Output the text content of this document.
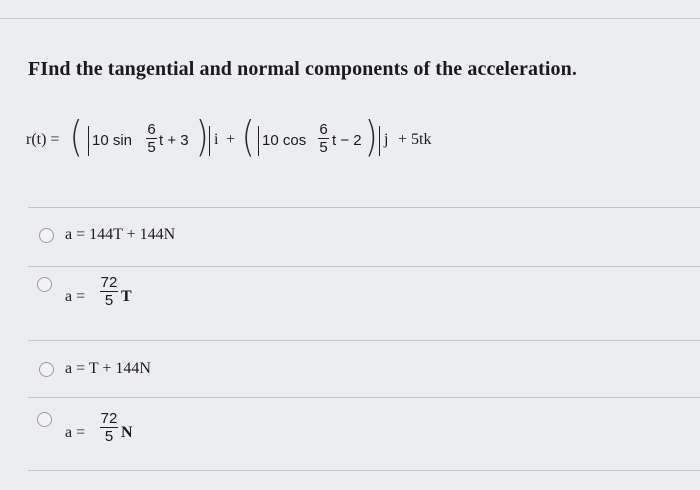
FInd the tangential and normal components of the acceleration.
r(t) = ( 10 sin
6
5 t + 3 ) i + ( 10 cos
6
5 t − 2 ) j + 5tk
a = 144T + 144N
a =
72
5 T
a = T + 144N
a =
72
5 N
